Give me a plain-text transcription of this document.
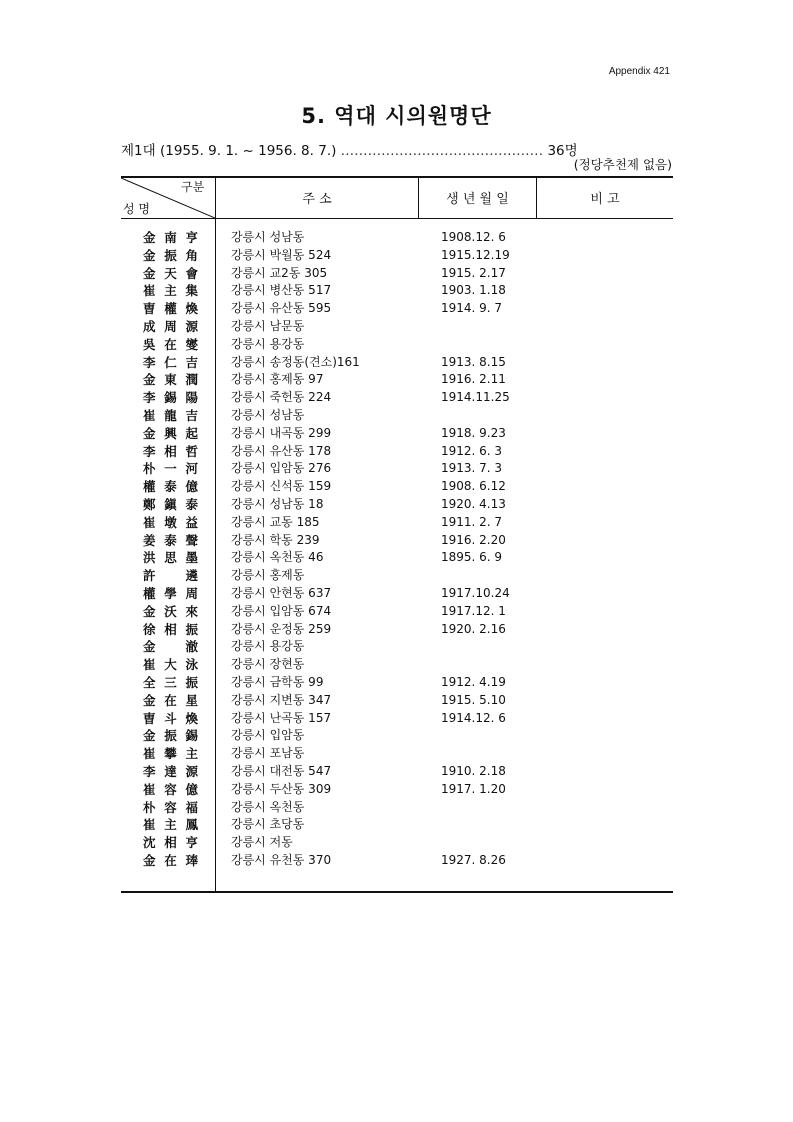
Appendix 421
5. 역대 시의원명단
제1대 (1955. 9. 1. ~ 1956. 8. 7.) ……………………………………… 36명
(정당추천제 없음)
구분
성 명
주 소	생 년 월 일	비 고
金 南 亨	강릉시 성남동	1908.12. 6
金 振 角	강릉시 박월동 524	1915.12.19
金 天 會	강릉시 교2동 305	1915. 2.17
崔 主 集	강릉시 병산동 517	1903. 1.18
曺 權 煥	강릉시 유산동 595	1914. 9. 7
成 周 源	강릉시 남문동
吳 在 燮	강릉시 용강동
李 仁 吉	강릉시 송정동(견소)161	1913. 8.15
金 東 潤	강릉시 홍제동 97	1916. 2.11
李 錫 陽	강릉시 죽헌동 224	1914.11.25
崔 龍 吉	강릉시 성남동
金 興 起	강릉시 내곡동 299	1918. 9.23
李 相 哲	강릉시 유산동 178	1912. 6. 3
朴 一 河	강릉시 입암동 276	1913. 7. 3
權 泰 億	강릉시 신석동 159	1908. 6.12
鄭 鎭 泰	강릉시 성남동 18	1920. 4.13
崔 墩 益	강릉시 교동 185	1911. 2. 7
姜 泰 聲	강릉시 학동 239	1916. 2.20
洪 思 墨	강릉시 옥천동 46	1895. 6. 9
許 遴	강릉시 홍제동
權 學 周	강릉시 안현동 637	1917.10.24
金 沃 來	강릉시 입암동 674	1917.12. 1
徐 相 振	강릉시 운정동 259	1920. 2.16
金 澈	강릉시 용강동
崔 大 泳	강릉시 장현동
全 三 振	강릉시 금학동 99	1912. 4.19
金 在 星	강릉시 지변동 347	1915. 5.10
曺 斗 煥	강릉시 난곡동 157	1914.12. 6
金 振 錫	강릉시 입암동
崔 攀 主	강릉시 포남동
李 達 源	강릉시 대전동 547	1910. 2.18
崔 容 億	강릉시 두산동 309	1917. 1.20
朴 容 福	강릉시 옥천동
崔 主 鳳	강릉시 초당동
沈 相 亨	강릉시 저동
金 在 琫	강릉시 유천동 370	1927. 8.26
